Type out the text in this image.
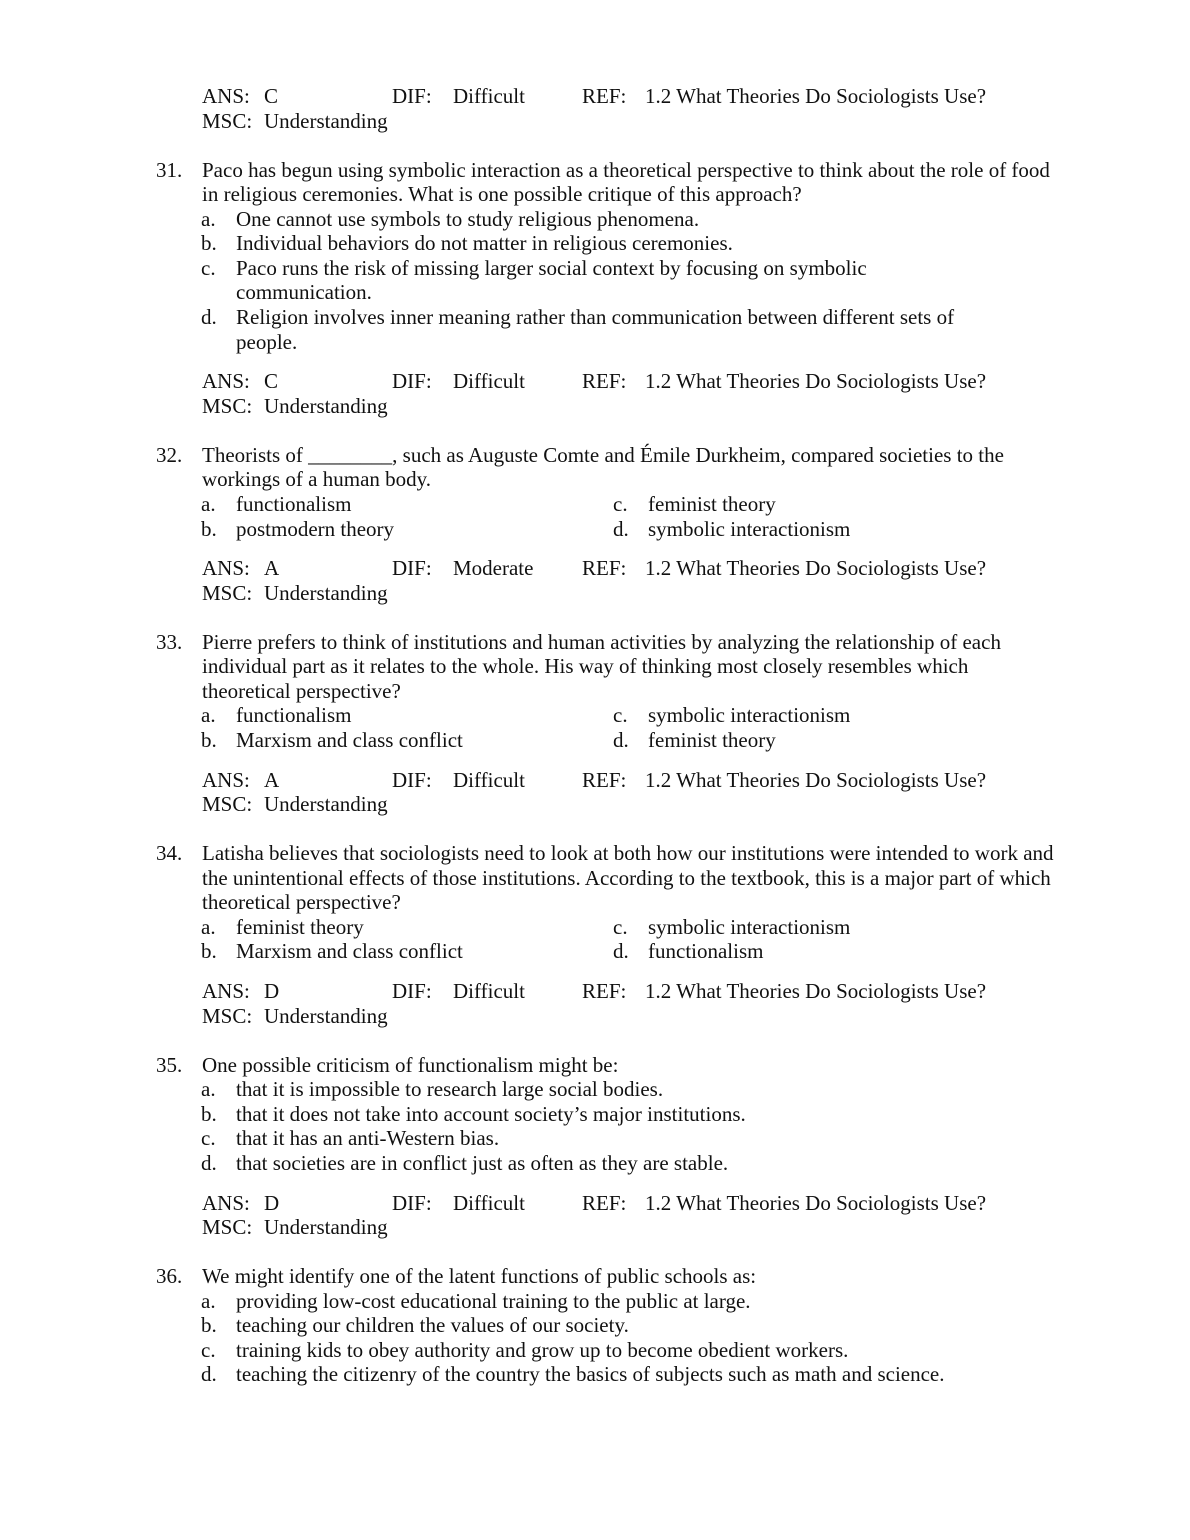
ANS: C	DIF: Difficult	REF: 1.2 What Theories Do Sociologists Use?
MSC: Understanding
31. Paco has begun using symbolic interaction as a theoretical perspective to think about the role of food in religious ceremonies. What is one possible critique of this approach?
a. One cannot use symbols to study religious phenomena.
b. Individual behaviors do not matter in religious ceremonies.
c. Paco runs the risk of missing larger social context by focusing on symbolic communication.
d. Religion involves inner meaning rather than communication between different sets of people.
ANS: C	DIF: Difficult	REF: 1.2 What Theories Do Sociologists Use?
MSC: Understanding
32. Theorists of ________, such as Auguste Comte and Émile Durkheim, compared societies to the workings of a human body.
a. functionalism
b. postmodern theory
c. feminist theory
d. symbolic interactionism
ANS: A	DIF: Moderate REF: 1.2 What Theories Do Sociologists Use?
MSC: Understanding
33. Pierre prefers to think of institutions and human activities by analyzing the relationship of each individual part as it relates to the whole. His way of thinking most closely resembles which theoretical perspective?
a. functionalism
b. Marxism and class conflict
c. symbolic interactionism
d. feminist theory
ANS: A	DIF: Difficult	REF: 1.2 What Theories Do Sociologists Use?
MSC: Understanding
34. Latisha believes that sociologists need to look at both how our institutions were intended to work and the unintentional effects of those institutions. According to the textbook, this is a major part of which theoretical perspective?
a. feminist theory
b. Marxism and class conflict
c. symbolic interactionism
d. functionalism
ANS: D	DIF: Difficult	REF: 1.2 What Theories Do Sociologists Use?
MSC: Understanding
35. One possible criticism of functionalism might be:
a. that it is impossible to research large social bodies.
b. that it does not take into account society’s major institutions.
c. that it has an anti-Western bias.
d. that societies are in conflict just as often as they are stable.
ANS: D	DIF: Difficult	REF: 1.2 What Theories Do Sociologists Use?
MSC: Understanding
36. We might identify one of the latent functions of public schools as:
a. providing low-cost educational training to the public at large.
b. teaching our children the values of our society.
c. training kids to obey authority and grow up to become obedient workers.
d. teaching the citizenry of the country the basics of subjects such as math and science.
